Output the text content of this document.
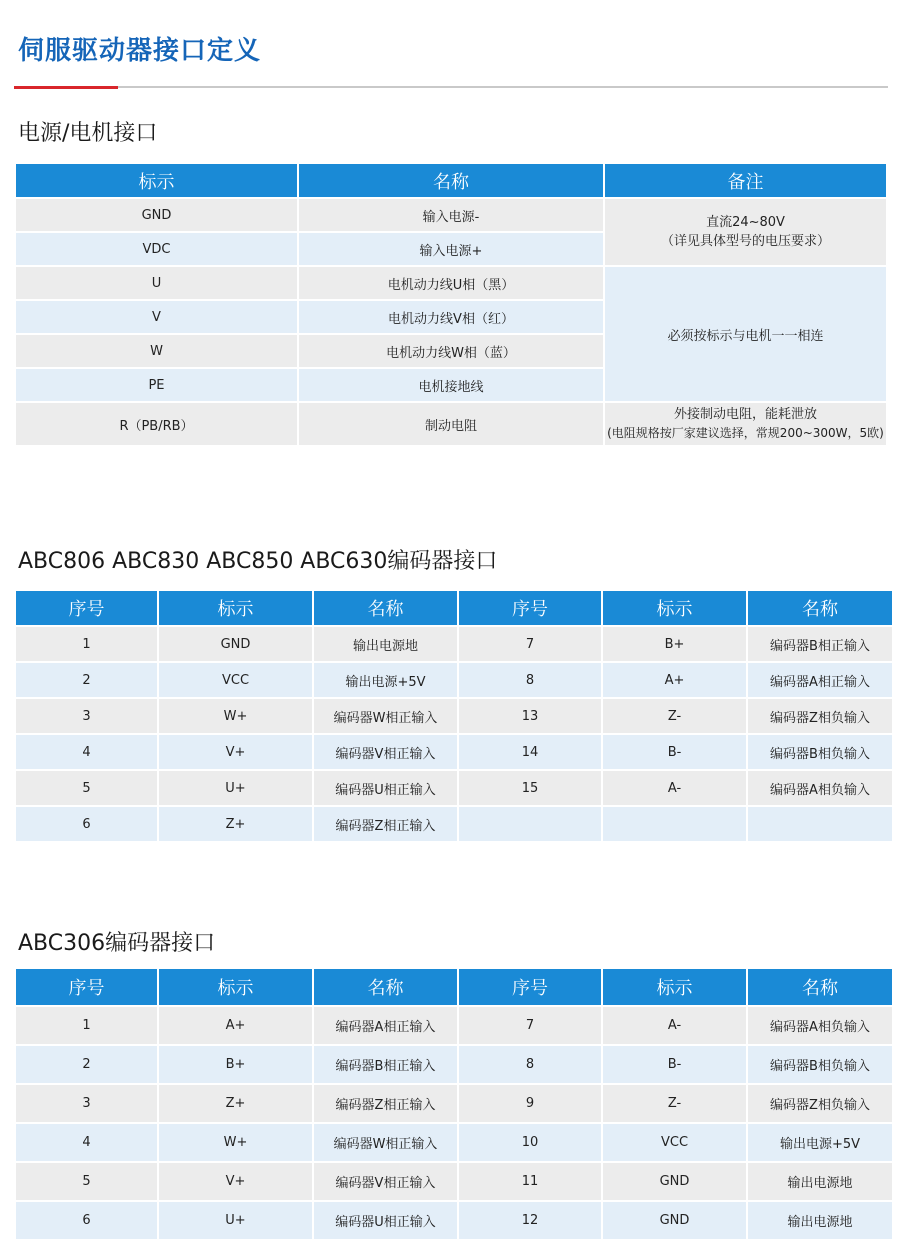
伺服驱动器接口定义
电源/电机接口
标示	名称	备注
GND	输入电源-	直流24~80V
（详见具体型号的电压要求）

VDC	输入电源+	
U	电机动力线U相（黑）	必须按标示与电机一一相连
V	电机动力线V相（红）	
W	电机动力线W相（蓝）	
PE	电机接地线	
R（PB/RB）	制动电阻	外接制动电阻，能耗泄放
(电阻规格按厂家建议选择，常规200~300W，5欧)
ABC806 ABC830 ABC850 ABC630编码器接口
序号	标示	名称	序号	标示	名称
1	GND	输出电源地	7	B+	编码器B相正输入
2	VCC	输出电源+5V	8	A+	编码器A相正输入
3	W+	编码器W相正输入	13	Z-	编码器Z相负输入
4	V+	编码器V相正输入	14	B-	编码器B相负输入
5	U+	编码器U相正输入	15	A-	编码器A相负输入
6	Z+	编码器Z相正输入			
ABC306编码器接口
序号	标示	名称	序号	标示	名称
1	A+	编码器A相正输入	7	A-	编码器A相负输入
2	B+	编码器B相正输入	8	B-	编码器B相负输入
3	Z+	编码器Z相正输入	9	Z-	编码器Z相负输入
4	W+	编码器W相正输入	10	VCC	输出电源+5V
5	V+	编码器V相正输入	11	GND	输出电源地
6	U+	编码器U相正输入	12	GND	输出电源地
